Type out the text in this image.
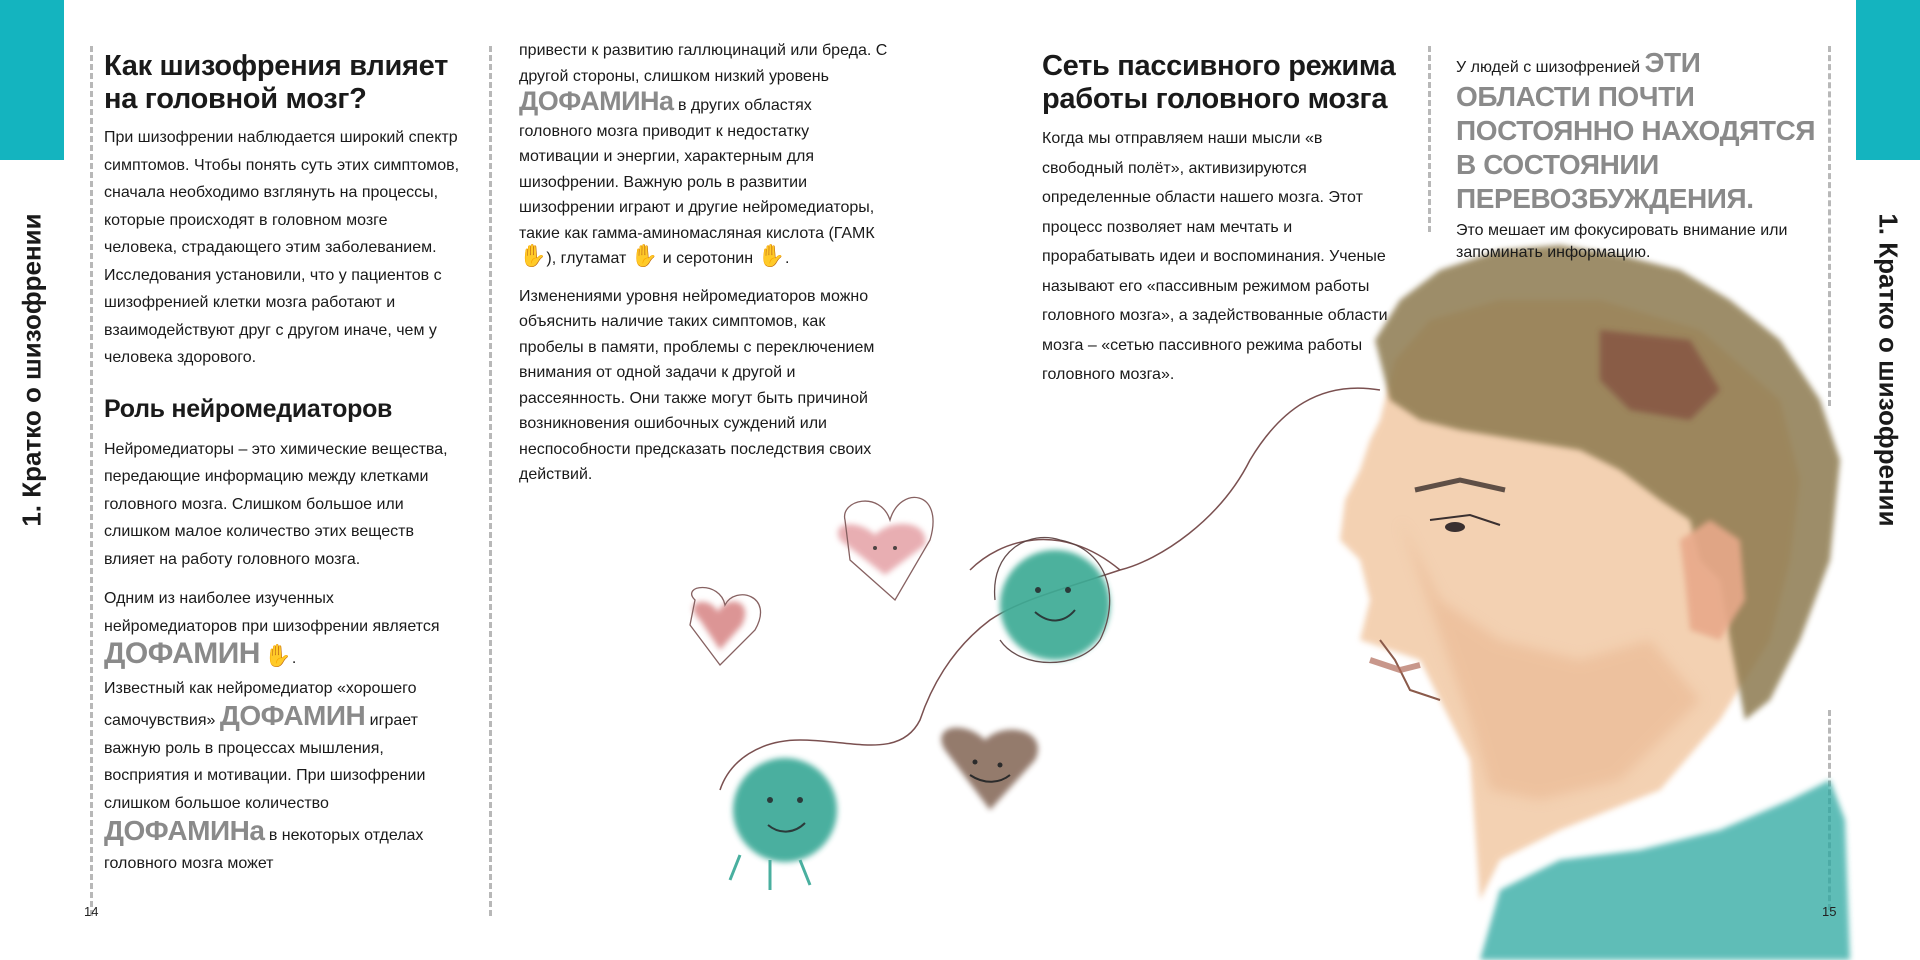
1. Кратко о шизофрении	1. Кратко о шизофрении
Как шизофрения влияет на головной мозг?

При шизофрении наблюдается широкий спектр симптомов. Чтобы понять суть этих симптомов, сначала необходимо взглянуть на процессы, которые происходят в головном мозге человека, страдающего этим заболеванием. Исследования установили, что у пациентов с шизофренией клетки мозга работают и взаимодействуют друг с другом иначе, чем у человека здорового.

Роль нейромедиаторов

Нейромедиаторы – это химические вещества, передающие информацию между клетками головного мозга. Слишком большое или слишком малое количество этих веществ влияет на работу головного мозга.

Одним из наиболее изученных нейромедиаторов при шизофрении является
ДОФАМИН ✋.

Известный как нейромедиатор «хорошего самочувствия» ДОФАМИН играет важную роль в процессах мышления, восприятия и мотивации. При шизофрении слишком большое количество ДОФАМИНа в некоторых отделах головного мозга может

привести к развитию галлюцинаций или бреда. С другой стороны, слишком низкий уровень ДОФАМИНа в других областях головного мозга приводит к недостатку мотивации и энергии, характерным для шизофрении. Важную роль в развитии шизофрении играют и другие нейромедиаторы, такие как гамма-аминомасляная кислота (ГАМК ✋), глутамат ✋ и серотонин ✋.

Изменениями уровня нейромедиаторов можно объяснить наличие таких симптомов, как пробелы в памяти, проблемы с переключением внимания от одной задачи к другой и рассеянность. Они также могут быть причиной возникновения ошибочных суждений или неспособности предсказать последствия своих действий.

Сеть пассивного режима работы головного мозга

Когда мы отправляем наши мысли «в свободный полёт», активизируются определенные области нашего мозга. Этот процесс позволяет нам мечтать и прорабатывать идеи и воспоминания. Ученые называют его «пассивным режимом работы головного мозга», а задействованные области мозга – «сетью пассивного режима работы головного мозга».

У людей с шизофренией ЭТИ ОБЛАСТИ ПОЧТИ ПОСТОЯННО НАХОДЯТСЯ В СОСТОЯНИИ ПЕРЕВОЗБУЖДЕНИЯ.

Это мешает им фокусировать внимание или запоминать информацию.

14	15
